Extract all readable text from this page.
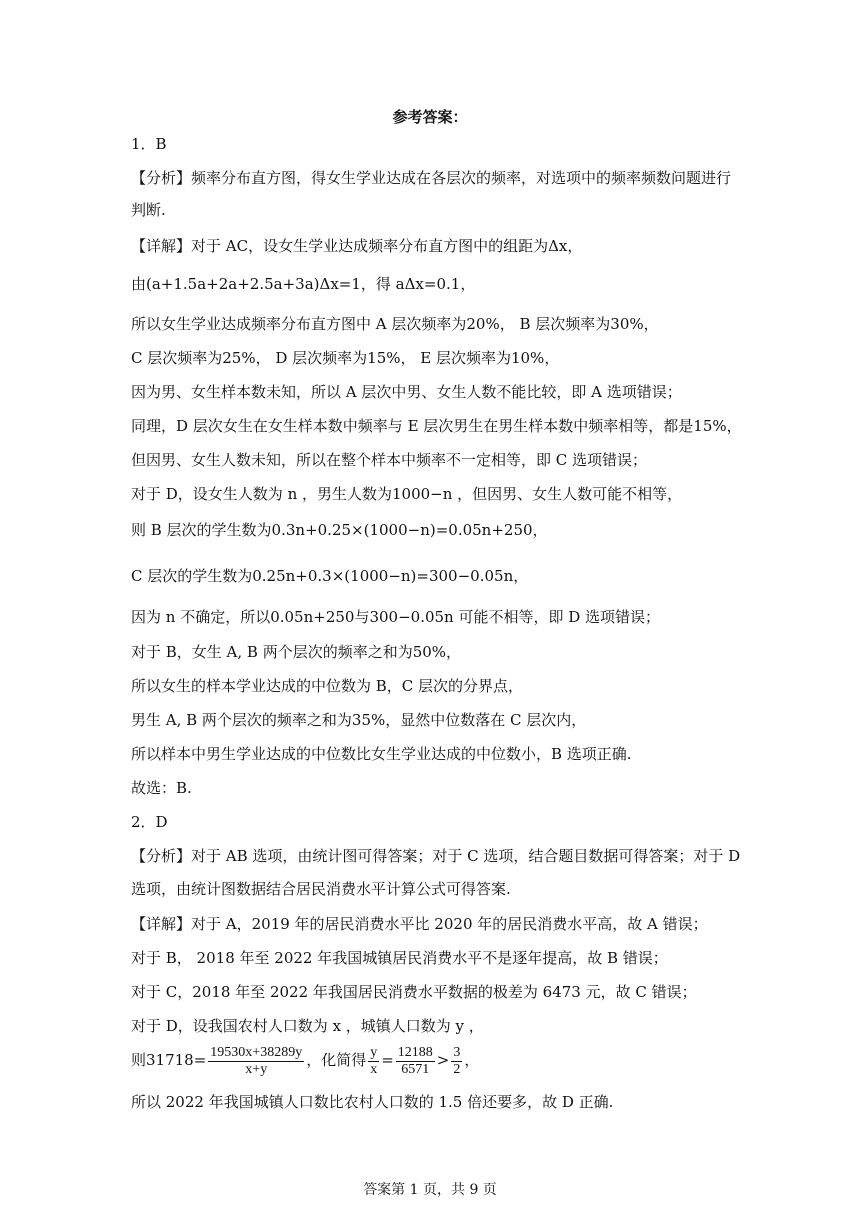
参考答案：
1．B
【分析】频率分布直方图，得女生学业达成在各层次的频率，对选项中的频率频数问题进行
判断.
【详解】对于 AC，设女生学业达成频率分布直方图中的组距为Δx，
由(a+1.5a+2a+2.5a+3a)Δx=1，得 aΔx=0.1，
所以女生学业达成频率分布直方图中 A 层次频率为20%， B 层次频率为30%，
C 层次频率为25%， D 层次频率为15%， E 层次频率为10%，
因为男、女生样本数未知，所以 A 层次中男、女生人数不能比较，即 A 选项错误；
同理，D 层次女生在女生样本数中频率与 E 层次男生在男生样本数中频率相等，都是15%，
但因男、女生人数未知，所以在整个样本中频率不一定相等，即 C 选项错误；
对于 D，设女生人数为 n ，男生人数为1000−n ，但因男、女生人数可能不相等，
则 B 层次的学生数为0.3n+0.25×(1000−n)=0.05n+250，
C 层次的学生数为0.25n+0.3×(1000−n)=300−0.05n，
因为 n 不确定，所以0.05n+250与300−0.05n 可能不相等，即 D 选项错误；
对于 B，女生 A, B 两个层次的频率之和为50%，
所以女生的样本学业达成的中位数为 B，C 层次的分界点，
男生 A, B 两个层次的频率之和为35%，显然中位数落在 C 层次内，
所以样本中男生学业达成的中位数比女生学业达成的中位数小，B 选项正确.
故选：B.
2．D
【分析】对于 AB 选项，由统计图可得答案；对于 C 选项，结合题目数据可得答案；对于 D
选项，由统计图数据结合居民消费水平计算公式可得答案.
【详解】对于 A，2019 年的居民消费水平比 2020 年的居民消费水平高，故 A 错误；
对于 B， 2018 年至 2022 年我国城镇居民消费水平不是逐年提高，故 B 错误；
对于 C，2018 年至 2022 年我国居民消费水平数据的极差为 6473 元，故 C 错误；
对于 D，设我国农村人口数为 x ，城镇人口数为 y ，
则$31718= \frac{19530x+38289y}{x+y}$ ，化简得 $\frac{y}{x} = \frac{12188}{6571} > \frac{3}{2}$ ，
所以 2022 年我国城镇人口数比农村人口数的 1.5 倍还要多，故 D 正确.
答案第 1 页，共 9 页
